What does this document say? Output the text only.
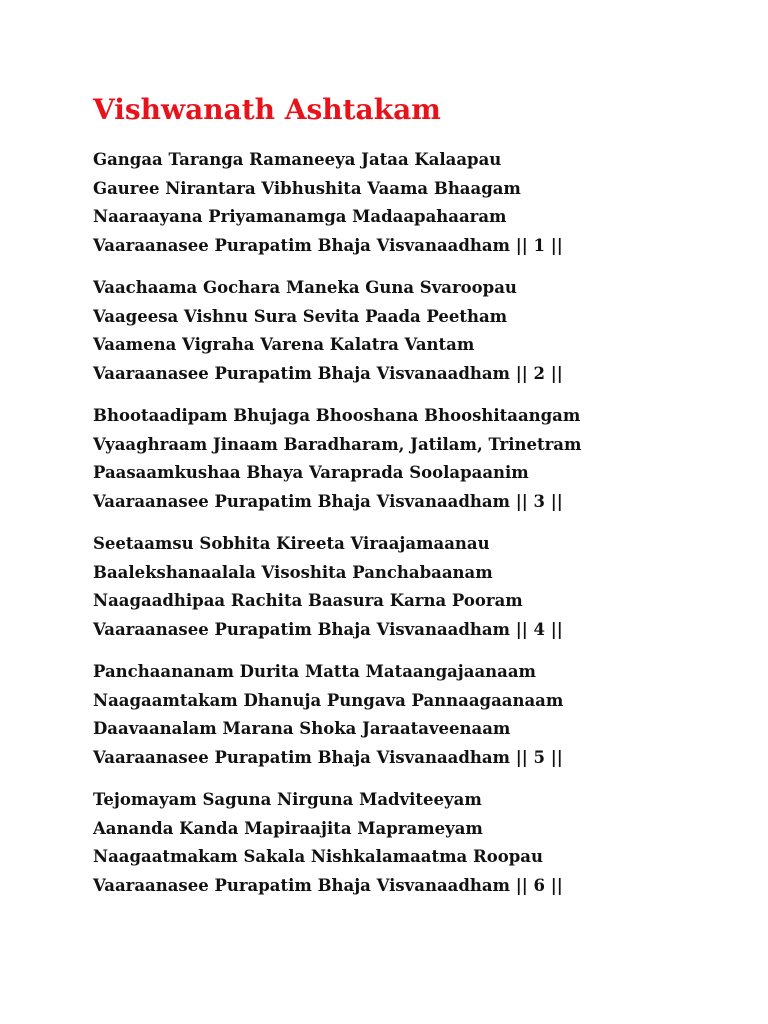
Vishwanath Ashtakam
Gangaa Taranga Ramaneeya Jataa Kalaapau
Gauree Nirantara Vibhushita Vaama Bhaagam
Naaraayana Priyamanamga Madaapahaaram
Vaaraanasee Purapatim Bhaja Visvanaadham || 1 ||
Vaachaama Gochara Maneka Guna Svaroopau
Vaageesa Vishnu Sura Sevita Paada Peetham
Vaamena Vigraha Varena Kalatra Vantam
Vaaraanasee Purapatim Bhaja Visvanaadham || 2 ||
Bhootaadipam Bhujaga Bhooshana Bhooshitaangam
Vyaaghraam Jinaam Baradharam, Jatilam, Trinetram
Paasaamkushaa Bhaya Varaprada Soolapaanim
Vaaraanasee Purapatim Bhaja Visvanaadham || 3 ||
Seetaamsu Sobhita Kireeta Viraajamaanau
Baalekshanaalala Visoshita Panchabaanam
Naagaadhipaa Rachita Baasura Karna Pooram
Vaaraanasee Purapatim Bhaja Visvanaadham || 4 ||
Panchaananam Durita Matta Mataangajaanaam
Naagaamtakam Dhanuja Pungava Pannaagaanaam
Daavaanalam Marana Shoka Jaraataveenaam
Vaaraanasee Purapatim Bhaja Visvanaadham || 5 ||
Tejomayam Saguna Nirguna Madviteeyam
Aananda Kanda Mapiraajita Maprameyam
Naagaatmakam Sakala Nishkalamaatma Roopau
Vaaraanasee Purapatim Bhaja Visvanaadham || 6 ||
